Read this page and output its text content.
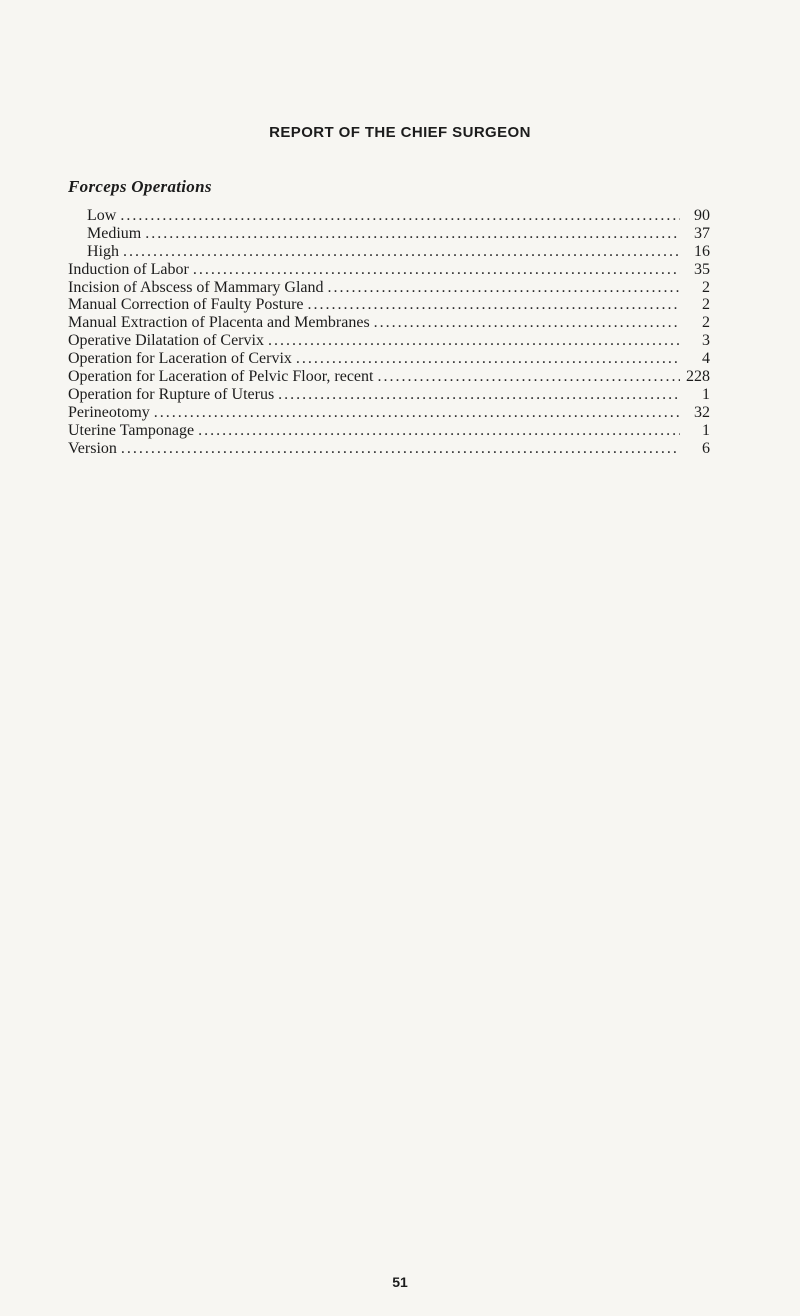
REPORT OF THE CHIEF SURGEON
Forceps Operations
Low .....	90
Medium .....	37
High .....	16
Induction of Labor .....	35
Incision of Abscess of Mammary Gland .....	2
Manual Correction of Faulty Posture .....	2
Manual Extraction of Placenta and Membranes .....	2
Operative Dilatation of Cervix .....	3
Operation for Laceration of Cervix .....	4
Operation for Laceration of Pelvic Floor, recent .....	228
Operation for Rupture of Uterus .....	1
Perineotomy .....	32
Uterine Tamponage .....	1
Version .....	6
51
